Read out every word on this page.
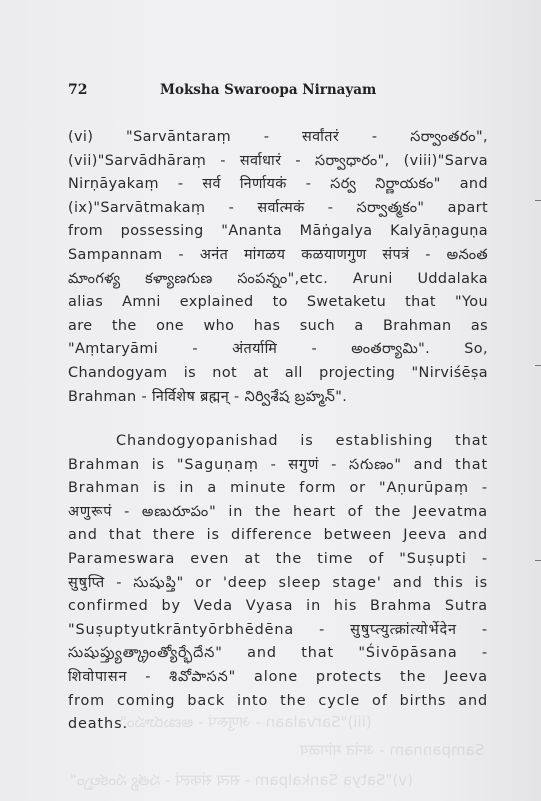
(iii)"Sarvalaan - अणुरूपं - అణురూపం"
Sampannam - अनंत मांगळय
(v)"Satya Sankalpam - सत्य संकल्पं - సత్య సంకల్పం"
72	Moksha Swaroopa Nirnayam
(vi) "Sarvāntaraṃ - सर्वांतरं - సర్వాంతరం",
(vii)"Sarvādhāraṃ - सर्वाधारं - సర్వాధారం", (viii)"Sarva
Nirṇāyakaṃ - सर्व निर्णायकं - సర్వ నిర్ణాయకం" and
(ix)"Sarvātmakaṃ - सर्वात्मकं - సర్వాత్మకం" apart
from possessing "Ananta Māṅgalya Kalyāṇaguṇa
Sampannam - अनंत मांगळय कळयाणगुण संपत्रं - అనంత
మాంగళ్య కళ్యాణగుణ సంపన్నం",etc. Aruni Uddalaka
alias Amni explained to Swetaketu that "You
are the one who has such a Brahman as
"Aṃtaryāmi - अंतर्यामि - అంతర్యామి". So,
Chandogyam is not at all projecting "Nirviśēṣa
Brahman - निर्विशेष ब्रह्मन् - నిర్విశేష బ్రహ్మన్".
Chandogyopanishad is establishing that
Brahman is "Saguṇaṃ - सगुणं - సగుణం" and that
Brahman is in a minute form or "Aṇurūpaṃ -
अणुरूपं - అణురూపం" in the heart of the Jeevatma
and that there is difference between Jeeva and
Parameswara even at the time of "Suṣupti -
सुषुप्ति - సుషుప్తి" or 'deep sleep stage' and this is
confirmed by Veda Vyasa in his Brahma Sutra
"Suṣuptyutkrāntyōrbhēdēna - सुषुप्त्युत्क्रांत्योर्भेदेन -
సుషుప్త్యుత్క్రాంత్యోర్భేదేన" and that "Śivōpāsana -
शिवोपासन - శివోపాసన" alone protects the Jeeva
from coming back into the cycle of births and
deaths.
